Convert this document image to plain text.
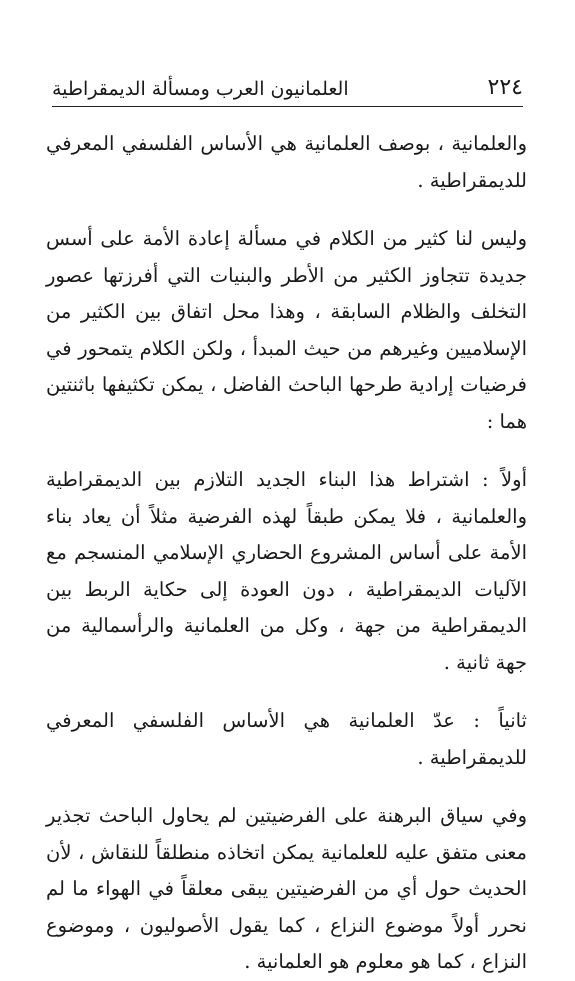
٢٢٤
العلمانيون العرب ومسألة الديمقراطية

والعلمانية ، بوصف العلمانية هي الأساس الفلسفي المعرفي للديمقراطية .

وليس لنا كثير من الكلام في مسألة إعادة الأمة على أسس جديدة تتجاوز الكثير من الأطر والبنيات التي أفرزتها عصور التخلف والظلام السابقة ، وهذا محل اتفاق بين الكثير من الإسلاميين وغيرهم من حيث المبدأ ، ولكن الكلام يتمحور في فرضيات إرادية طرحها الباحث الفاضل ، يمكن تكثيفها باثنتين هما :

أولاً : اشتراط هذا البناء الجديد التلازم بين الديمقراطية والعلمانية ، فلا يمكن طبقاً لهذه الفرضية مثلاً أن يعاد بناء الأمة على أساس المشروع الحضاري الإسلامي المنسجم مع الآليات الديمقراطية ، دون العودة إلى حكاية الربط بين الديمقراطية من جهة ، وكل من العلمانية والرأسمالية من جهة ثانية .

ثانياً : عدّ العلمانية هي الأساس الفلسفي المعرفي للديمقراطية .

وفي سياق البرهنة على الفرضيتين لم يحاول الباحث تجذير معنى متفق عليه للعلمانية يمكن اتخاذه منطلقاً للنقاش ، لأن الحديث حول أي من الفرضيتين يبقى معلقاً في الهواء ما لم نحرر أولاً موضوع النزاع ، كما يقول الأصوليون ، وموضوع النزاع ، كما هو معلوم هو العلمانية .
